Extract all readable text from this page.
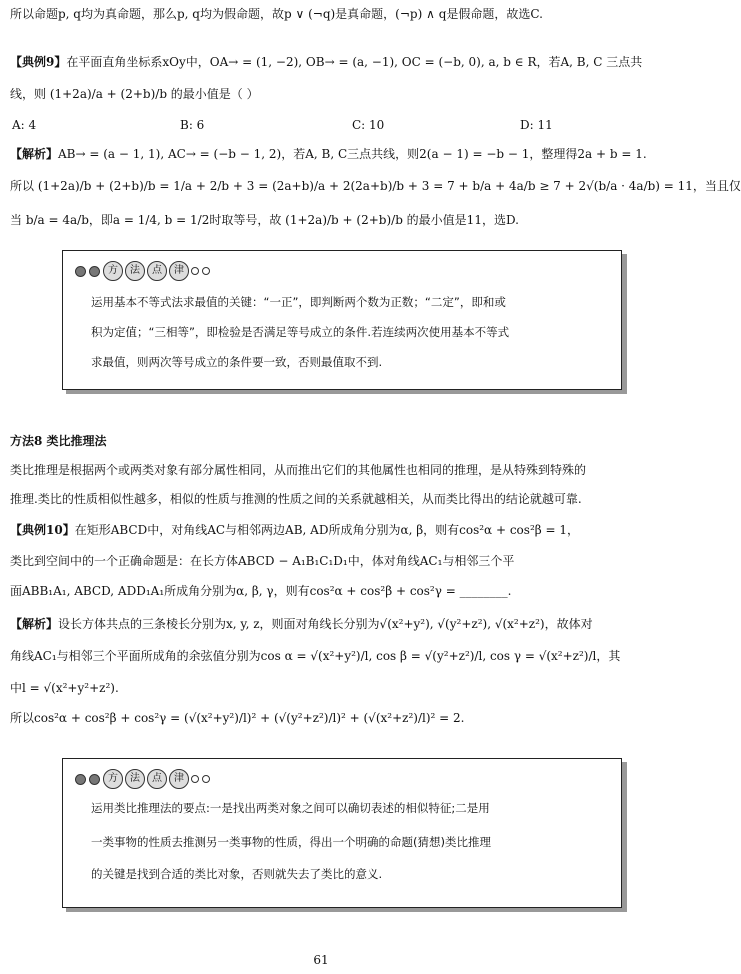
所以命题p, q均为真命题，那么p, q均为假命题，故p ∨ (¬q)是真命题，(¬p) ∧ q是假命题，故选C.
【典例9】在平面直角坐标系xOy中，OA→ = (1, −2), OB→ = (a, −1), OC = (−b, 0), a, b ∈ R，若A, B, C 三点共
线，则 (1+2a)/a + (2+b)/b 的最小值是（ ）
A: 4	B: 6	C: 10	D: 11
【解析】AB→ = (a − 1, 1), AC→ = (−b − 1, 2)，若A, B, C三点共线，则2(a − 1) = −b − 1，整理得2a + b = 1.
所以 (1+2a)/b + (2+b)/b = 1/a + 2/b + 3 = (2a+b)/a + 2(2a+b)/b + 3 = 7 + b/a + 4a/b ≥ 7 + 2√(b/a · 4a/b) = 11，当且仅
当 b/a = 4a/b，即a = 1/4, b = 1/2时取等号，故 (1+2a)/b + (2+b)/b 的最小值是11，选D.
方	法	点	津
运用基本不等式法求最值的关键：“一正”，即判断两个数为正数；“二定”，即和或
积为定值；“三相等”，即检验是否满足等号成立的条件.若连续两次使用基本不等式
求最值，则两次等号成立的条件要一致，否则最值取不到.
方法8 类比推理法
类比推理是根据两个或两类对象有部分属性相同，从而推出它们的其他属性也相同的推理，是从特殊到特殊的
推理.类比的性质相似性越多，相似的性质与推测的性质之间的关系就越相关，从而类比得出的结论就越可靠.
【典例10】在矩形ABCD中，对角线AC与相邻两边AB, AD所成角分别为α, β，则有cos²α + cos²β = 1，
类比到空间中的一个正确命题是：在长方体ABCD − A₁B₁C₁D₁中，体对角线AC₁与相邻三个平
面ABB₁A₁, ABCD, ADD₁A₁所成角分别为α, β, γ，则有cos²α + cos²β + cos²γ = ________.
【解析】设长方体共点的三条棱长分别为x, y, z，则面对角线长分别为√(x²+y²), √(y²+z²), √(x²+z²)，故体对
角线AC₁与相邻三个平面所成角的余弦值分别为cos α = √(x²+y²)/l, cos β = √(y²+z²)/l, cos γ = √(x²+z²)/l，其
中l = √(x²+y²+z²).
所以cos²α + cos²β + cos²γ = (√(x²+y²)/l)² + (√(y²+z²)/l)² + (√(x²+z²)/l)² = 2.
方	法	点	津
运用类比推理法的要点:一是找出两类对象之间可以确切表述的相似特征;二是用
一类事物的性质去推测另一类事物的性质，得出一个明确的命题(猜想)类比推理
的关键是找到合适的类比对象，否则就失去了类比的意义.
61
